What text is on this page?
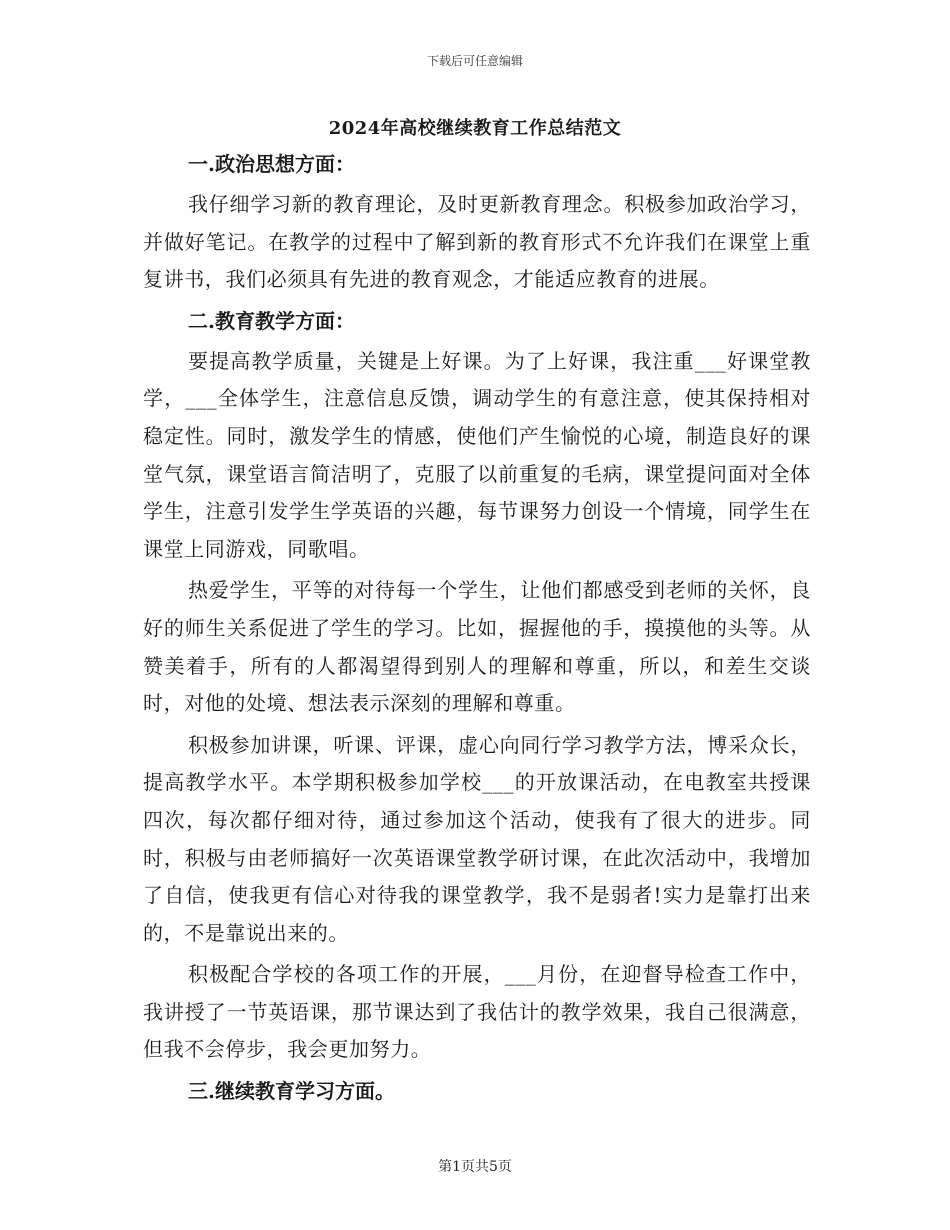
下载后可任意编辑
2024年高校继续教育工作总结范文
一.政治思想方面：

我仔细学习新的教育理论，及时更新教育理念。积极参加政治学习，并做好笔记。在教学的过程中了解到新的教育形式不允许我们在课堂上重复讲书，我们必须具有先进的教育观念，才能适应教育的进展。

二.教育教学方面：

要提高教学质量，关键是上好课。为了上好课，我注重___好课堂教学，___全体学生，注意信息反馈，调动学生的有意注意，使其保持相对稳定性。同时，激发学生的情感，使他们产生愉悦的心境，制造良好的课堂气氛，课堂语言简洁明了，克服了以前重复的毛病，课堂提问面对全体学生，注意引发学生学英语的兴趣，每节课努力创设一个情境，同学生在课堂上同游戏，同歌唱。

热爱学生，平等的对待每一个学生，让他们都感受到老师的关怀，良好的师生关系促进了学生的学习。比如，握握他的手，摸摸他的头等。从赞美着手，所有的人都渴望得到别人的理解和尊重，所以，和差生交谈时，对他的处境、想法表示深刻的理解和尊重。

积极参加讲课，听课、评课，虚心向同行学习教学方法，博采众长，提高教学水平。本学期积极参加学校___的开放课活动，在电教室共授课四次，每次都仔细对待，通过参加这个活动，使我有了很大的进步。同时，积极与由老师搞好一次英语课堂教学研讨课，在此次活动中，我增加了自信，使我更有信心对待我的课堂教学，我不是弱者!实力是靠打出来的，不是靠说出来的。

积极配合学校的各项工作的开展，___月份，在迎督导检查工作中，我讲授了一节英语课，那节课达到了我估计的教学效果，我自己很满意，但我不会停步，我会更加努力。

三.继续教育学习方面。
第1页共5页
